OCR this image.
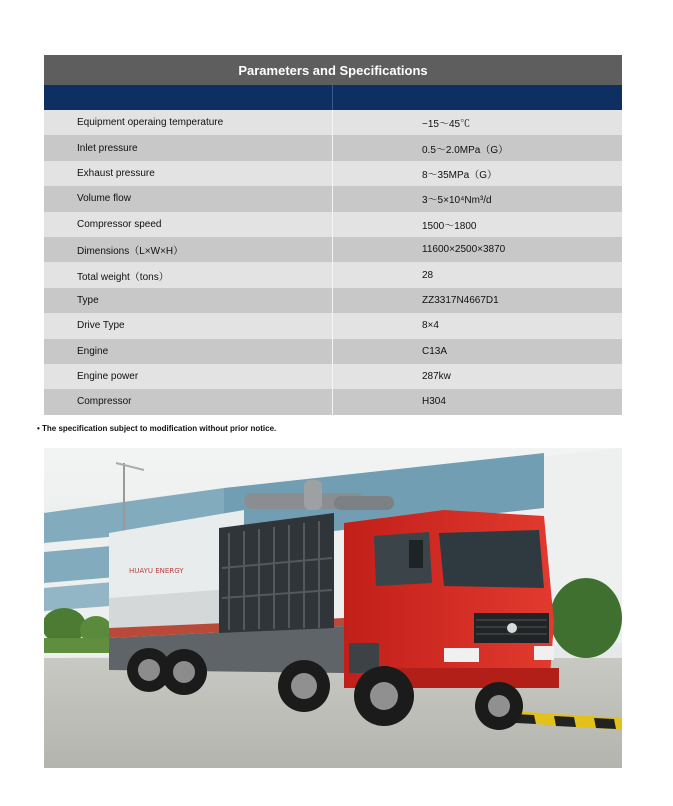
Parameters and Specifications
Equipment operaing temperature	−15～45℃
Inlet pressure	0.5～2.0MPa（G）
Exhaust pressure	8～35MPa（G）
Volume flow	3～5×10⁴Nm³/d
Compressor speed	1500～1800
Dimensions（L×W×H）	11600×2500×3870
Total weight（tons）	28
Type	ZZ3317N4667D1
Drive Type	8×4
Engine	C13A
Engine power	287kw
Compressor	H304
• The specification subject to modification without prior notice.
HUAYU ENERGY
